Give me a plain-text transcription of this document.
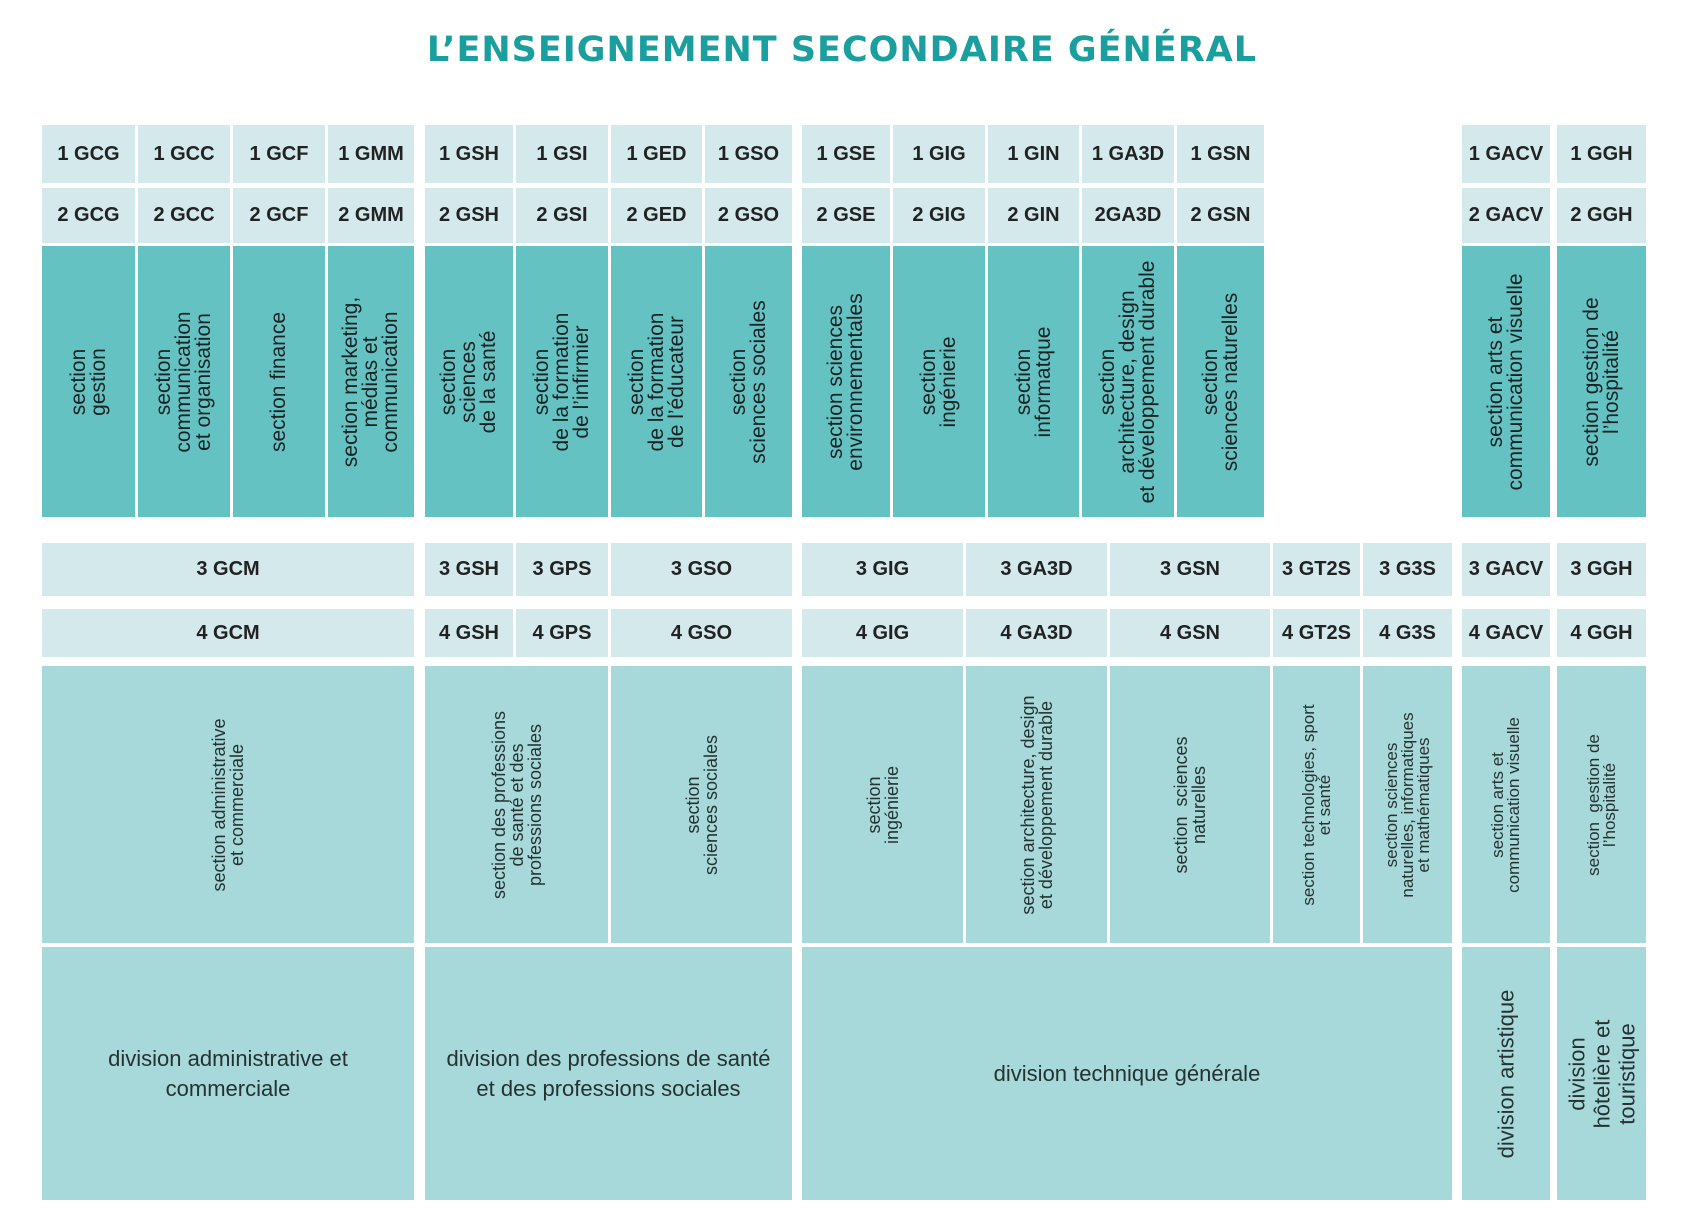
L’ENSEIGNEMENT SECONDAIRE GÉNÉRAL
1 GCG
2 GCG
section
gestion
1 GCC
2 GCC
section
communication
et organisation
1 GCF
2 GCF
section finance
1 GMM
2 GMM
section marketing,
médias et
communication
1 GSH
2 GSH
section
sciences
de la santé
1 GSI
2 GSI
section
de la formation
de l’infirmier
1 GED
2 GED
section
de la formation
de l’éducateur
1 GSO
2 GSO
section
sciences sociales
1 GSE
2 GSE
section sciences
environnementales
1 GIG
2 GIG
section
ingénierie
1 GIN
2 GIN
section
informatque
1 GA3D
2GA3D
section
architecture, design
et développement durable
1 GSN
2 GSN
section
sciences naturelles
1 GACV
2 GACV
section arts et
communication visuelle
1 GGH
2 GGH
section gestion de
l’hospitalité
3 GCM
4 GCM
3 GSH
4 GSH
3 GPS
4 GPS
3 GSO
4 GSO
3 GIG
4 GIG
3 GA3D
4 GA3D
3 GSN
4 GSN
3 GT2S
4 GT2S
3 G3S
4 G3S
3 GACV
4 GACV
3 GGH
4 GGH
section administrative
et commerciale
section des professions
de santé et des
professions sociales
section
sciences sociales
section
ingénierie
section architecture, design
et développement durable
section  sciences
naturelles
section technologies, sport
et santé
section sciences
naturelles, informatiques
et mathématiques	section arts et
communication visuelle
section  gestion de
l’hospitalité
division administrative et
commerciale
division des professions de santé
et des professions sociales
division technique générale	division artistique division
hôtelière et
touristique
